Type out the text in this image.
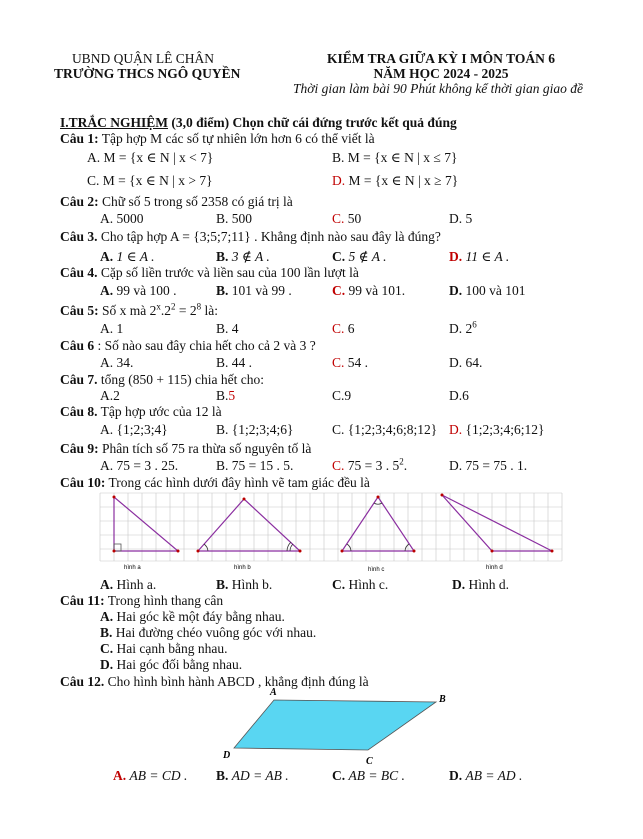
UBND QUẬN LÊ CHÂN
TRƯỜNG THCS NGÔ QUYỀN
KIỂM TRA GIỮA KỲ I MÔN TOÁN 6
NĂM HỌC 2024 - 2025
Thời gian làm bài 90 Phút không kể thời gian giao đề
I.TRẮC NGHIỆM (3,0 điểm) Chọn chữ cái đứng trước kết quả đúng
Câu 1: Tập hợp M các số tự nhiên lớn hơn 6 có thể viết là
A. M = {x ∈ N | x < 7}	B. M = {x ∈ N | x ≤ 7}
C. M = {x ∈ N | x > 7}	D. M = {x ∈ N | x ≥ 7}
Câu 2: Chữ số 5 trong số 2358 có giá trị là
A. 5000	B. 500	C. 50	D. 5
Câu 3. Cho tập hợp A = {3;5;7;11} . Khẳng định nào sau đây là đúng?
A. 1 ∈ A .	B. 3 ∉ A .	C. 5 ∉ A .	D. 11 ∈ A .
Câu 4. Cặp số liền trước và liền sau của 100 lần lượt là
A. 99 và 100 .	B. 101 và 99 .	C. 99 và 101.	D. 100 và 101
Câu 5: Số x mà $2^x.2^2 = 2^8$ là:
A. 1	B. 4	C. 6	D. $2^6$
Câu 6 : Số nào sau đây chia hết cho cả 2 và 3 ?
A. 34.	B. 44 .	C. 54 .	D. 64.
Câu 7. tổng (850 + 115) chia hết cho:
A.2	B.5	C.9	D.6
Câu 8. Tập hợp ước của 12 là
A. {1;2;3;4}	B. {1;2;3;4;6}	C. {1;2;3;4;6;8;12} D. {1;2;3;4;6;12}
Câu 9: Phân tích số 75 ra thừa số nguyên tố là
A. 75 = 3 . 25.	B. 75 = 15 . 5.	C. 75 = 3 . $5^2$.	D. 75 = 75 . 1.
Câu 10: Trong các hình dưới đây hình vẽ tam giác đều là
hình a	hình b	hình c	hình d
A. Hình a.	B. Hình b.	C. Hình c.	D. Hình d.
Câu 11: Trong hình thang cân
A. Hai góc kề một đáy bằng nhau.
B. Hai đường chéo vuông góc với nhau.
C. Hai cạnh bằng nhau.
D. Hai góc đối bằng nhau.
Câu 12. Cho hình bình hành ABCD , khẳng định đúng là
A
B
C
D
A. AB = CD . B. AD = AB .	C. AB = BC .	D. AB = AD .
